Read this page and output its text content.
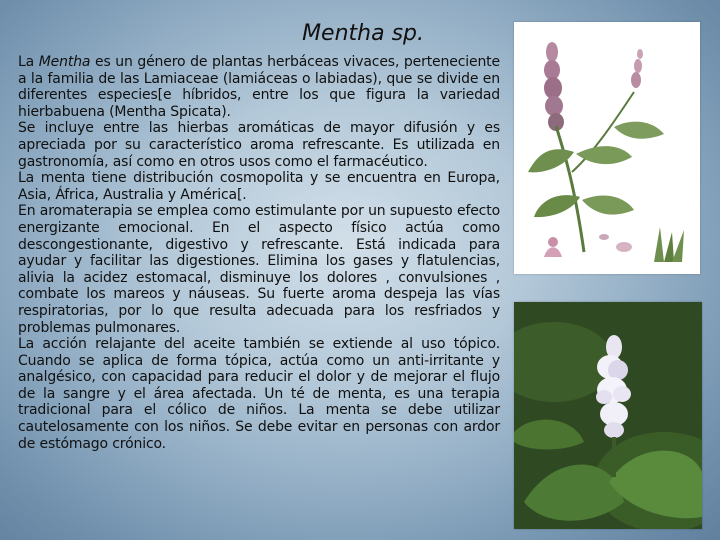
Mentha sp.

La Mentha es un género de plantas herbáceas vivaces, perteneciente a la familia de las Lamiaceae (lamiáceas o labiadas), que se divide en diferentes especies[e híbridos, entre los que figura la variedad hierbabuena (Mentha Spicata).

Se incluye entre las hierbas aromáticas de mayor difusión y es apreciada por su característico aroma refrescante. Es utilizada en gastronomía, así como en otros usos como el farmacéutico.

La menta tiene distribución cosmopolita y se encuentra en Europa, Asia, África, Australia y América[.

En aromaterapia se emplea como estimulante por un supuesto efecto energizante emocional. En el aspecto físico actúa como descongestionante, digestivo y refrescante. Está indicada para ayudar y facilitar las digestiones. Elimina los gases y flatulencias, alivia la acidez estomacal, disminuye los dolores , convulsiones , combate los mareos y náuseas. Su fuerte aroma despeja las vías respiratorias, por lo que resulta adecuada para los resfriados y problemas pulmonares.

La acción relajante del aceite también se extiende al uso tópico. Cuando se aplica de forma tópica, actúa como un anti-irritante y analgésico, con capacidad para reducir el dolor y de mejorar el flujo de la sangre y el área afectada. Un té de menta, es una terapia tradicional para el cólico de niños. La menta se debe utilizar cautelosamente con los niños. Se debe evitar en personas con ardor de estómago crónico.
